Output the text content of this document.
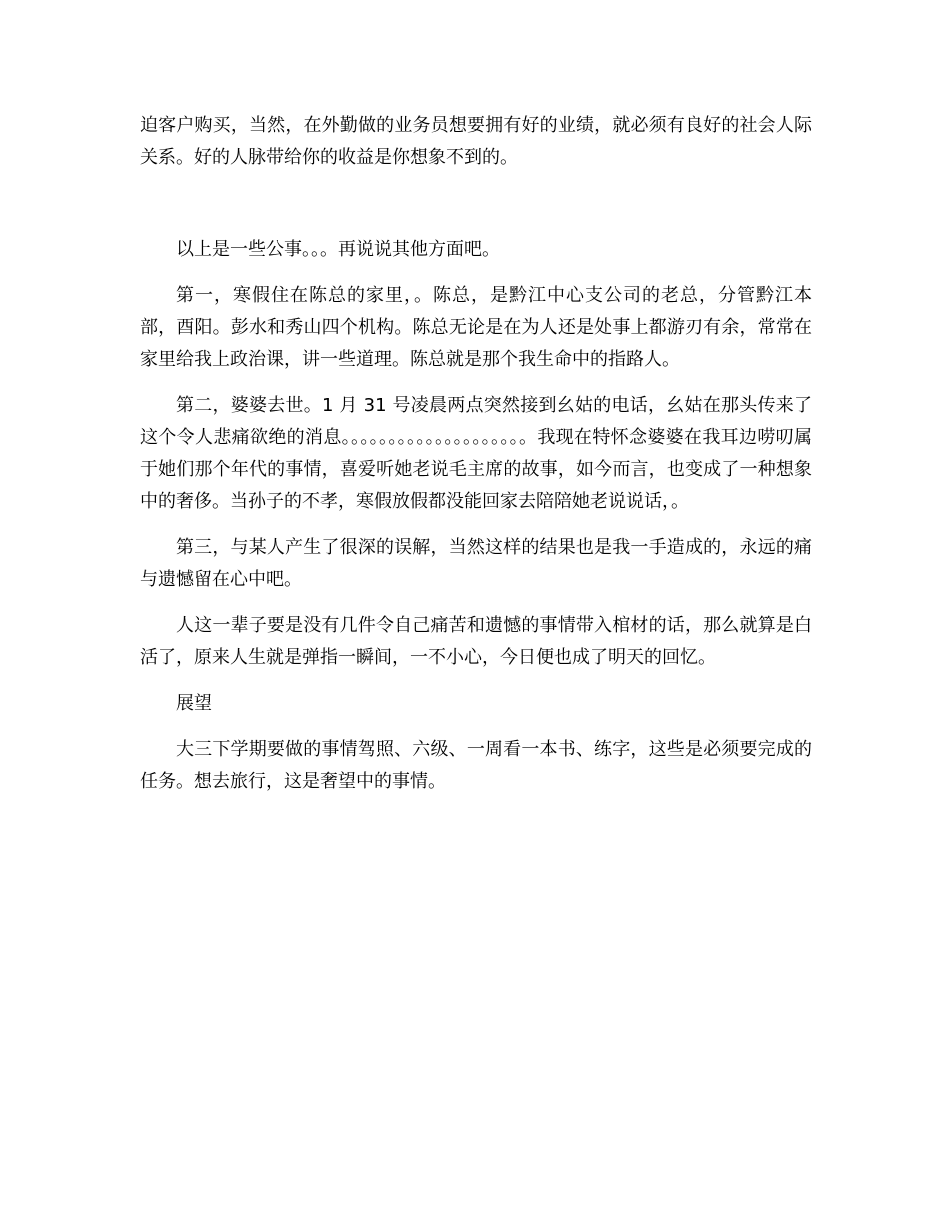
迫客户购买，当然，在外勤做的业务员想要拥有好的业绩，就必须有良好的社会人际关系。好的人脉带给你的收益是你想象不到的。

以上是一些公事。。。再说说其他方面吧。

第一，寒假住在陈总的家里，。陈总，是黔江中心支公司的老总，分管黔江本部，酉阳。彭水和秀山四个机构。陈总无论是在为人还是处事上都游刃有余，常常在家里给我上政治课，讲一些道理。陈总就是那个我生命中的指路人。

第二，婆婆去世。1 月 31 号凌晨两点突然接到幺姑的电话，幺姑在那头传来了这个令人悲痛欲绝的消息。。。。。。。。。。。。。。。。。。。。我现在特怀念婆婆在我耳边唠叨属于她们那个年代的事情，喜爱听她老说毛主席的故事，如今而言，也变成了一种想象中的奢侈。当孙子的不孝，寒假放假都没能回家去陪陪她老说说话，。

第三，与某人产生了很深的误解，当然这样的结果也是我一手造成的，永远的痛与遗憾留在心中吧。

人这一辈子要是没有几件令自己痛苦和遗憾的事情带入棺材的话，那么就算是白活了，原来人生就是弹指一瞬间，一不小心，今日便也成了明天的回忆。

展望

大三下学期要做的事情驾照、六级、一周看一本书、练字，这些是必须要完成的任务。想去旅行，这是奢望中的事情。
